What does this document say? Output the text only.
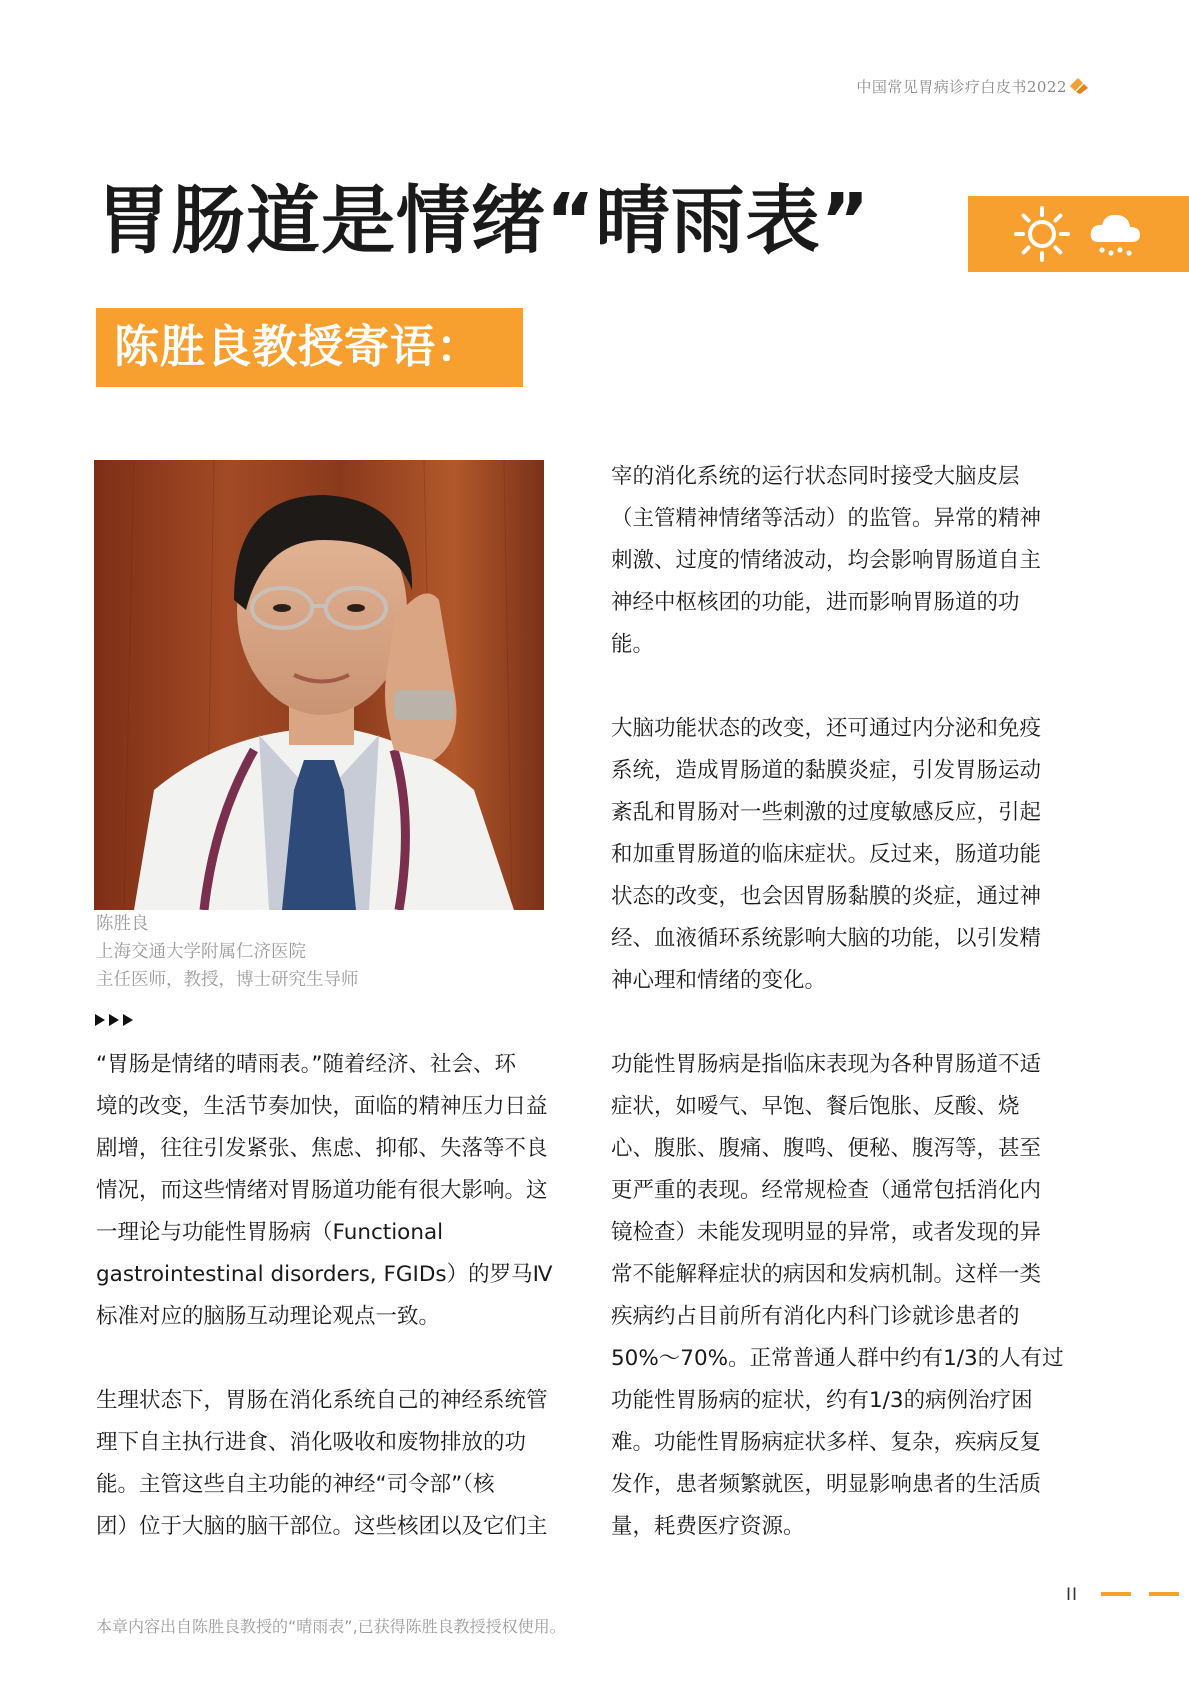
中国常见胃病诊疗白皮书2022
胃肠道是情绪“晴雨表”
陈胜良教授寄语：
陈胜良
上海交通大学附属仁济医院
主任医师，教授，博士研究生导师

“胃肠是情绪的晴雨表。”随着经济、社会、环
境的改变，生活节奏加快，面临的精神压力日益
剧增，往往引发紧张、焦虑、抑郁、失落等不良
情况，而这些情绪对胃肠道功能有很大影响。这
一理论与功能性胃肠病（Functional
gastrointestinal disorders, FGIDs）的罗马Ⅳ
标准对应的脑肠互动理论观点一致。

生理状态下，胃肠在消化系统自己的神经系统管
理下自主执行进食、消化吸收和废物排放的功
能。主管这些自主功能的神经“司令部”（核
团）位于大脑的脑干部位。这些核团以及它们主

宰的消化系统的运行状态同时接受大脑皮层
（主管精神情绪等活动）的监管。异常的精神
刺激、过度的情绪波动，均会影响胃肠道自主
神经中枢核团的功能，进而影响胃肠道的功
能。

大脑功能状态的改变，还可通过内分泌和免疫
系统，造成胃肠道的黏膜炎症，引发胃肠运动
紊乱和胃肠对一些刺激的过度敏感反应，引起
和加重胃肠道的临床症状。反过来，肠道功能
状态的改变，也会因胃肠黏膜的炎症，通过神
经、血液循环系统影响大脑的功能，以引发精
神心理和情绪的变化。

功能性胃肠病是指临床表现为各种胃肠道不适
症状，如嗳气、早饱、餐后饱胀、反酸、烧
心、腹胀、腹痛、腹鸣、便秘、腹泻等，甚至
更严重的表现。经常规检查（通常包括消化内
镜检查）未能发现明显的异常，或者发现的异
常不能解释症状的病因和发病机制。这样一类
疾病约占目前所有消化内科门诊就诊患者的
50%～70%。正常普通人群中约有1/3的人有过
功能性胃肠病的症状，约有1/3的病例治疗困
难。功能性胃肠病症状多样、复杂，疾病反复
发作，患者频繁就医，明显影响患者的生活质
量，耗费医疗资源。

II
本章内容出自陈胜良教授的“晴雨表”,已获得陈胜良教授授权使用。
